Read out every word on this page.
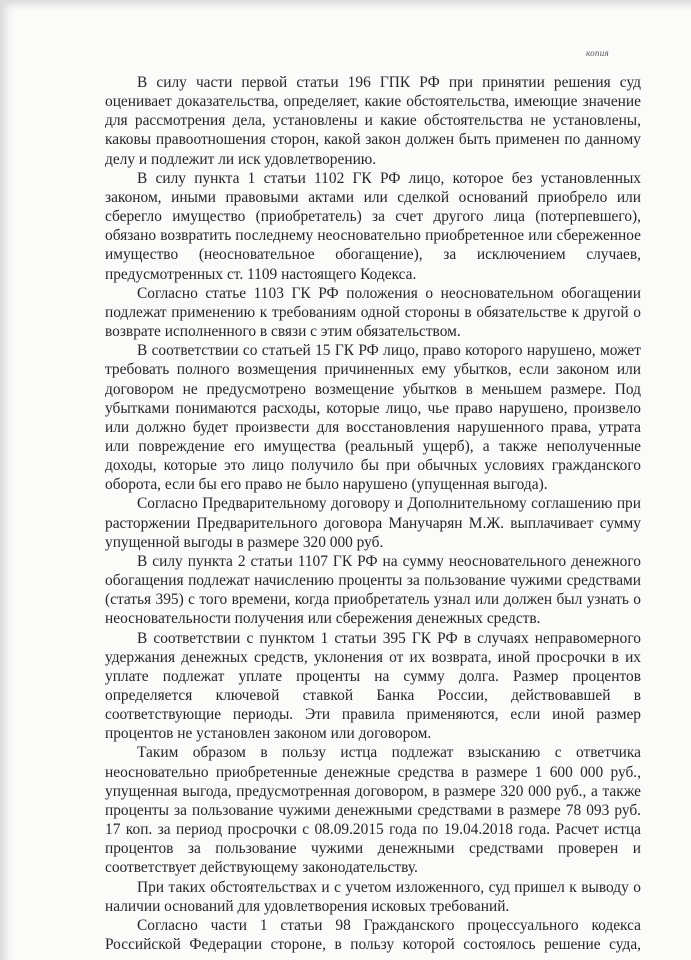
копия

В силу части первой статьи 196 ГПК РФ при принятии решения суд оценивает доказательства, определяет, какие обстоятельства, имеющие значение для рассмотрения дела, установлены и какие обстоятельства не установлены, каковы правоотношения сторон, какой закон должен быть применен по данному делу и подлежит ли иск удовлетворению.

В силу пункта 1 статьи 1102 ГК РФ лицо, которое без установленных законом, иными правовыми актами или сделкой оснований приобрело или сберегло имущество (приобретатель) за счет другого лица (потерпевшего), обязано возвратить последнему неосновательно приобретенное или сбереженное имущество (неосновательное обогащение), за исключением случаев, предусмотренных ст. 1109 настоящего Кодекса.

Согласно статье 1103 ГК РФ положения о неосновательном обогащении подлежат применению к требованиям одной стороны в обязательстве к другой о возврате исполненного в связи с этим обязательством.

В соответствии со статьей 15 ГК РФ лицо, право которого нарушено, может требовать полного возмещения причиненных ему убытков, если законом или договором не предусмотрено возмещение убытков в меньшем размере. Под убытками понимаются расходы, которые лицо, чье право нарушено, произвело или должно будет произвести для восстановления нарушенного права, утрата или повреждение его имущества (реальный ущерб), а также неполученные доходы, которые это лицо получило бы при обычных условиях гражданского оборота, если бы его право не было нарушено (упущенная выгода).

Согласно Предварительному договору и Дополнительному соглашению при расторжении Предварительного договора Манучарян М.Ж. выплачивает сумму упущенной выгоды в размере 320 000 руб.

В силу пункта 2 статьи 1107 ГК РФ на сумму неосновательного денежного обогащения подлежат начислению проценты за пользование чужими средствами (статья 395) с того времени, когда приобретатель узнал или должен был узнать о неосновательности получения или сбережения денежных средств.

В соответствии с пунктом 1 статьи 395 ГК РФ в случаях неправомерного удержания денежных средств, уклонения от их возврата, иной просрочки в их уплате подлежат уплате проценты на сумму долга. Размер процентов определяется ключевой ставкой Банка России, действовавшей в соответствующие периоды. Эти правила применяются, если иной размер процентов не установлен законом или договором.

Таким образом в пользу истца подлежат взысканию с ответчика неосновательно приобретенные денежные средства в размере 1 600 000 руб., упущенная выгода, предусмотренная договором, в размере 320 000 руб., а также проценты за пользование чужими денежными средствами в размере 78 093 руб. 17 коп. за период просрочки с 08.09.2015 года по 19.04.2018 года. Расчет истца процентов за пользование чужими денежными средствами проверен и соответствует действующему законодательству.

При таких обстоятельствах и с учетом изложенного, суд пришел к выводу о наличии оснований для удовлетворения исковых требований.

Согласно части 1 статьи 98 Гражданского процессуального кодекса Российской Федерации стороне, в пользу которой состоялось решение суда,
